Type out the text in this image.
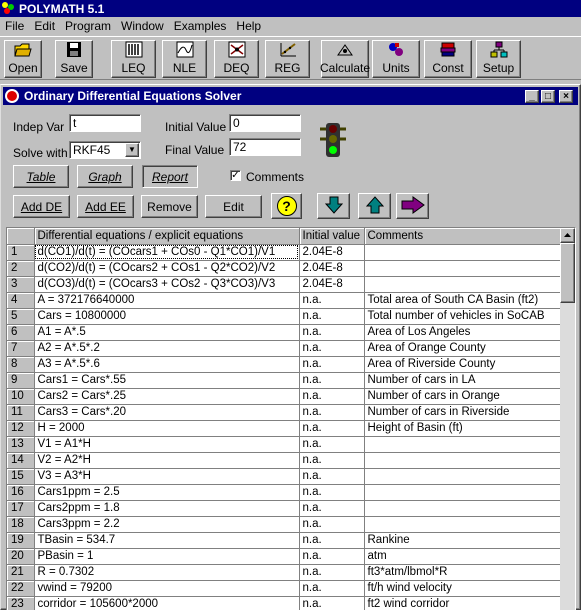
POLYMATH 5.1
File Edit Program Window Examples Help
Open Save	LEQ NLE DEQ REG Calculate Units Const Setup
Ordinary Differential Equations Solver	_	□	×
Indep Var t	Initial Value 0
Solve with RKF45	▼ Final Value 72
Table	Graph	Report	✓ Comments
Add DE Add EE Remove	Edit	?
	Differential equations / explicit equations	Initial value	Comments
1	d(CO1)/d(t) = (COcars1 + COs0 - Q1*CO1)/V1	2.04E-8	
2	d(CO2)/d(t) = (COcars2 + COs1 - Q2*CO2)/V2	2.04E-8	
3	d(CO3)/d(t) = (COcars3 + COs2 - Q3*CO3)/V3	2.04E-8	
4	A = 372176640000	n.a.	Total area of South CA Basin (ft2)
5	Cars = 10800000	n.a.	Total number of vehicles in SoCAB
6	A1 = A*.5	n.a.	Area of Los Angeles
7	A2 = A*.5*.2	n.a.	Area of Orange County
8	A3 = A*.5*.6	n.a.	Area of Riverside County
9	Cars1 = Cars*.55	n.a.	Number of cars in LA
10	Cars2 = Cars*.25	n.a.	Number of cars in Orange
11	Cars3 = Cars*.20	n.a.	Number of cars in Riverside
12	H = 2000	n.a.	Height of Basin (ft)
13	V1 = A1*H	n.a.	
14	V2 = A2*H	n.a.	
15	V3 = A3*H	n.a.	
16	Cars1ppm = 2.5	n.a.	
17	Cars2ppm = 1.8	n.a.	
18	Cars3ppm = 2.2	n.a.	
19	TBasin = 534.7	n.a.	Rankine
20	PBasin = 1	n.a.	atm
21	R = 0.7302	n.a.	ft3*atm/lbmol*R
22	vwind = 79200	n.a.	ft/h wind velocity
23	corridor = 105600*2000	n.a.	ft2 wind corridor
